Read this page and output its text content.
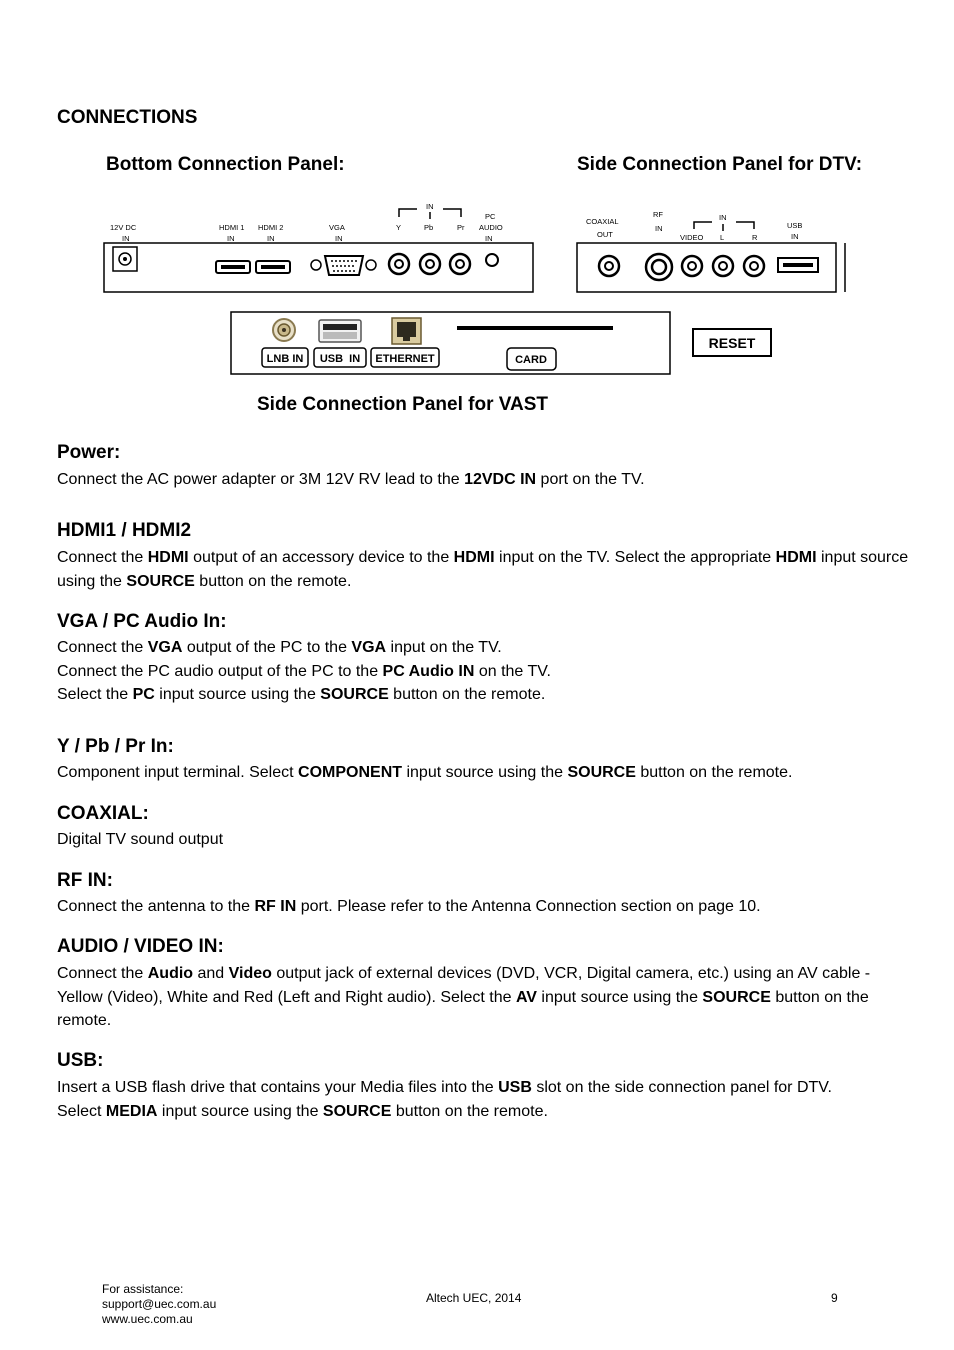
CONNECTIONS
Bottom Connection Panel:	Side Connection Panel for DTV:
12V DC
IN
HDMI 1
IN
HDMI 2
IN
VGA
IN
IN
Y	Pb	Pr
PC
AUDIO
IN
COAXIAL
OUT
RF
IN
IN
VIDEO L	R
USB
IN
LNB IN USB  IN ETHERNET	CARD
RESET
Side Connection Panel for VAST
Power:
Connect the AC power adapter or 3M 12V RV lead to the 12VDC IN port on the TV.
HDMI1 / HDMI2
Connect the HDMI output of an accessory device to the HDMI input on the TV. Select the appropriate HDMI input source using the SOURCE button on the remote.
VGA / PC Audio In:
Connect the VGA output of the PC to the VGA input on the TV.
Connect the PC audio output of the PC to the PC Audio IN on the TV.
Select the PC input source using the SOURCE button on the remote.
Y / Pb / Pr In:
Component input terminal. Select COMPONENT input source using the SOURCE button on the remote.
COAXIAL:
Digital TV sound output
RF IN:
Connect the antenna to the RF IN port. Please refer to the Antenna Connection section on page 10.
AUDIO / VIDEO IN:
Connect the Audio and Video output jack of external devices (DVD, VCR, Digital camera, etc.) using an AV cable - Yellow (Video), White and Red (Left and Right audio). Select the AV input source using the SOURCE button on the remote.
USB:
Insert a USB flash drive that contains your Media files into the USB slot on the side connection panel for DTV.
Select MEDIA input source using the SOURCE button on the remote.
For assistance:
support@uec.com.au
www.uec.com.au
Altech UEC, 2014	9
